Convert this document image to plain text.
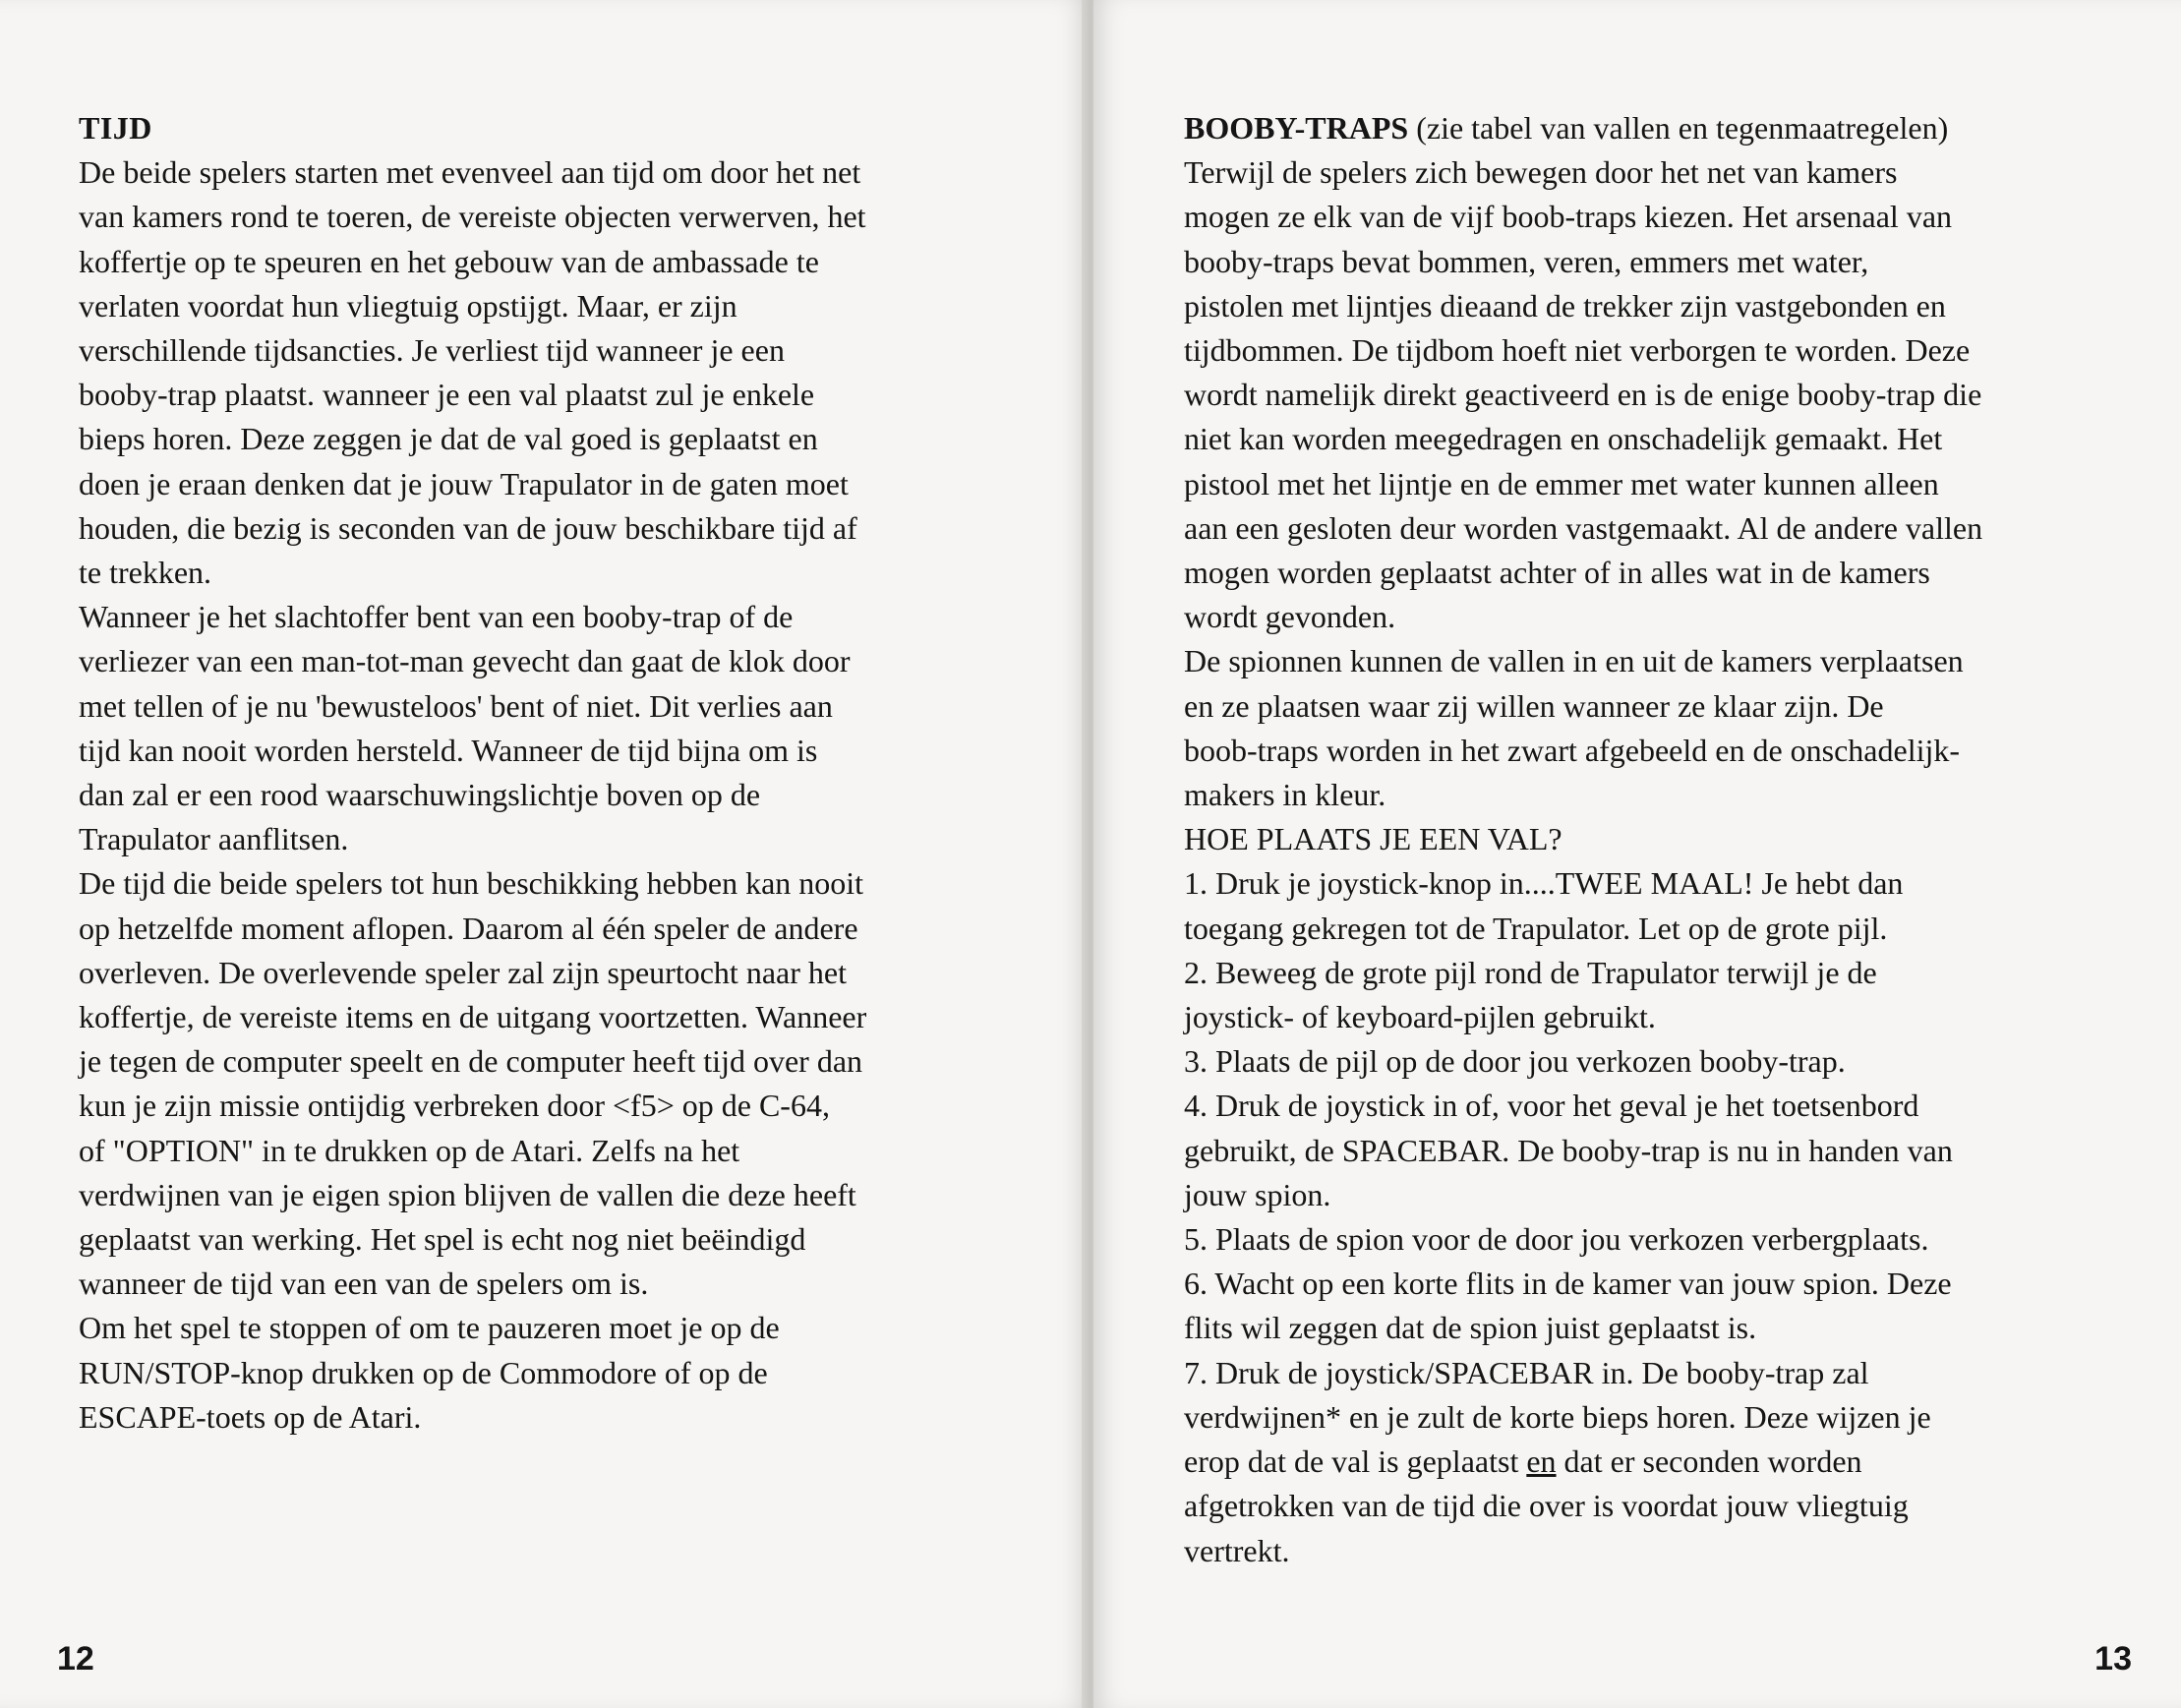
TIJD

De beide spelers starten met evenveel aan tijd om door het net

van kamers rond te toeren, de vereiste objecten verwerven, het

koffertje op te speuren en het gebouw van de ambassade te

verlaten voordat hun vliegtuig opstijgt. Maar, er zijn

verschillende tijdsancties. Je verliest tijd wanneer je een

booby-trap plaatst. wanneer je een val plaatst zul je enkele

bieps horen. Deze zeggen je dat de val goed is geplaatst en

doen je eraan denken dat je jouw Trapulator in de gaten moet

houden, die bezig is seconden van de jouw beschikbare tijd af

te trekken.

Wanneer je het slachtoffer bent van een booby-trap of de

verliezer van een man-tot-man gevecht dan gaat de klok door

met tellen of je nu 'bewusteloos' bent of niet. Dit verlies aan

tijd kan nooit worden hersteld. Wanneer de tijd bijna om is

dan zal er een rood waarschuwingslichtje boven op de

Trapulator aanflitsen.

De tijd die beide spelers tot hun beschikking hebben kan nooit

op hetzelfde moment aflopen. Daarom al één speler de andere

overleven. De overlevende speler zal zijn speurtocht naar het

koffertje, de vereiste items en de uitgang voortzetten. Wanneer

je tegen de computer speelt en de computer heeft tijd over dan

kun je zijn missie ontijdig verbreken door <f5> op de C-64,

of "OPTION" in te drukken op de Atari. Zelfs na het

verdwijnen van je eigen spion blijven de vallen die deze heeft

geplaatst van werking. Het spel is echt nog niet beëindigd

wanneer de tijd van een van de spelers om is.

Om het spel te stoppen of om te pauzeren moet je op de

RUN/STOP-knop drukken op de Commodore of op de

ESCAPE-toets op de Atari.

12

BOOBY-TRAPS (zie tabel van vallen en tegenmaatregelen)

Terwijl de spelers zich bewegen door het net van kamers

mogen ze elk van de vijf boob-traps kiezen. Het arsenaal van

booby-traps bevat bommen, veren, emmers met water,

pistolen met lijntjes dieaand de trekker zijn vastgebonden en

tijdbommen. De tijdbom hoeft niet verborgen te worden. Deze

wordt namelijk direkt geactiveerd en is de enige booby-trap die

niet kan worden meegedragen en onschadelijk gemaakt. Het

pistool met het lijntje en de emmer met water kunnen alleen

aan een gesloten deur worden vastgemaakt. Al de andere vallen

mogen worden geplaatst achter of in alles wat in de kamers

wordt gevonden.

De spionnen kunnen de vallen in en uit de kamers verplaatsen

en ze plaatsen waar zij willen wanneer ze klaar zijn. De

boob-traps worden in het zwart afgebeeld en de onschadelijk-

makers in kleur.

HOE PLAATS JE EEN VAL?

1. Druk je joystick-knop in....TWEE MAAL! Je hebt dan

toegang gekregen tot de Trapulator. Let op de grote pijl.

2. Beweeg de grote pijl rond de Trapulator terwijl je de

joystick- of keyboard-pijlen gebruikt.

3. Plaats de pijl op de door jou verkozen booby-trap.

4. Druk de joystick in of, voor het geval je het toetsenbord

gebruikt, de SPACEBAR. De booby-trap is nu in handen van

jouw spion.

5. Plaats de spion voor de door jou verkozen verbergplaats.

6. Wacht op een korte flits in de kamer van jouw spion. Deze

flits wil zeggen dat de spion juist geplaatst is.

7. Druk de joystick/SPACEBAR in. De booby-trap zal

verdwijnen* en je zult de korte bieps horen. Deze wijzen je

erop dat de val is geplaatst en dat er seconden worden

afgetrokken van de tijd die over is voordat jouw vliegtuig

vertrekt.

13
